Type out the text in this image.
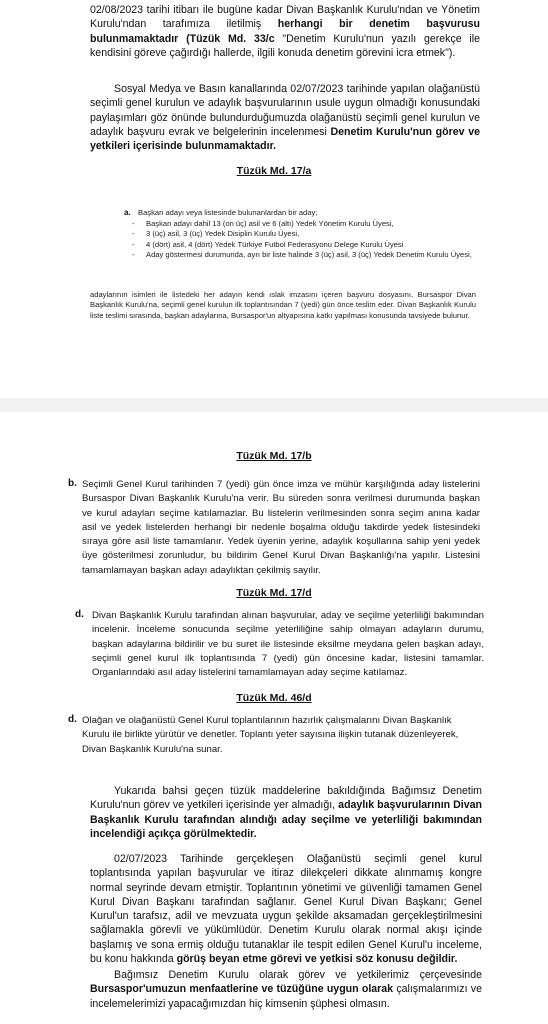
02/08/2023 tarihi itibarı ile bugüne kadar Divan Başkanlık Kurulu'ndan ve Yönetim Kurulu'ndan tarafımıza iletilmiş herhangi bir denetim başvurusu bulunmamaktadır (Tüzük Md. 33/c "Denetim Kurulu'nun yazılı gerekçe ile kendisini göreve çağırdığı hallerde, ilgili konuda denetim görevini icra etmek").

Sosyal Medya ve Basın kanallarında 02/07/2023 tarihinde yapılan olağanüstü seçimli genel kurulun ve adaylık başvurularının usule uygun olmadığı konusundaki paylaşımları göz önünde bulundurduğumuzda olağanüstü seçimli genel kurulun ve adaylık başvuru evrak ve belgelerinin incelenmesi Denetim Kurulu'nun görev ve yetkileri içerisinde bulunmamaktadır.

Tüzük Md. 17/a
a. Başkan adayı veya listesinde bulunanlardan bir aday;
- Başkan adayı dahil 13 (on üç) asil ve 6 (altı) Yedek Yönetim Kurulu Üyesi,
- 3 (üç) asil, 3 (üç) Yedek Disiplin Kurulu Üyesi,
- 4 (dört) asil, 4 (dört) Yedek Türkiye Futbol Federasyonu Delege Kurulu Üyesi
- Aday göstermesi durumunda, ayrı bir liste halinde 3 (üç) asil, 3 (üç) Yedek Denetim Kurulu Üyesi,
adaylarının isimleri ile listedeki her adayın kendi ıslak imzasını içeren başvuru dosyasını, Bursaspor Divan Başkanlık Kurulu'na, seçimli genel kurulun ilk toplantısından 7 (yedi) gün önce teslim eder. Divan Başkanlık Kurulu liste teslimi sırasında, başkan adaylarına, Bursaspor'un altyapısına katkı yapılması konusunda tavsiyede bulunur.
Tüzük Md. 17/b
b. Seçimli Genel Kurul tarihinden 7 (yedi) gün önce imza ve mühür karşılığında aday listelerini Bursaspor Divan Başkanlık Kurulu'na verir. Bu süreden sonra verilmesi durumunda başkan ve kurul adayları seçime katılamazlar. Bu listelerin verilmesinden sonra seçim anına kadar asil ve yedek listelerden herhangi bir nedenle boşalma olduğu takdirde yedek listesindeki sıraya göre asil liste tamamlanır. Yedek üyenin yerine, adaylık koşullarına sahip yeni yedek üye gösterilmesi zorunludur, bu bildirim Genel Kurul Divan Başkanlığı'na yapılır. Listesini tamamlamayan başkan adayı adaylıktan çekilmiş sayılır.

Tüzük Md. 17/d
d. Divan Başkanlık Kurulu tarafından alınan başvurular, aday ve seçilme yeterliliği bakımından incelenir. İnceleme sonucunda seçilme yeterliliğine sahip olmayan adayların durumu, başkan adaylarına bildirilir ve bu suret ile listesinde eksilme meydana gelen başkan adayı, seçimli genel kurul ilk toplantısında 7 (yedi) gün öncesine kadar, listesini tamamlar. Organlarındaki asıl aday listelerini tamamlamayan aday seçime katılamaz.

Tüzük Md. 46/d
d. Olağan ve olağanüstü Genel Kurul toplantılarının hazırlık çalışmalarını Divan Başkanlık Kurulu ile birlikte yürütür ve denetler. Toplantı yeter sayısına ilişkin tutanak düzenleyerek, Divan Başkanlık Kurulu'na sunar.

Yukarıda bahsi geçen tüzük maddelerine bakıldığında Bağımsız Denetim Kurulu'nun görev ve yetkileri içerisinde yer almadığı, adaylık başvurularının Divan Başkanlık Kurulu tarafından alındığı aday seçilme ve yeterliliği bakımından incelendiği açıkça görülmektedir.

02/07/2023 Tarihinde gerçekleşen Olağanüstü seçimli genel kurul toplantısında yapılan başvurular ve itiraz dilekçeleri dikkate alınmamış kongre normal seyrinde devam etmiştir. Toplantının yönetimi ve güvenliği tamamen Genel Kurul Divan Başkanı tarafından sağlanır. Genel Kurul Divan Başkanı; Genel Kurul'un tarafsız, adil ve mevzuata uygun şekilde aksamadan gerçekleştirilmesini sağlamakla görevli ve yükümlüdür. Denetim Kurulu olarak normal akışı içinde başlamış ve sona ermiş olduğu tutanaklar ile tespit edilen Genel Kurul'u inceleme, bu konu hakkında görüş beyan etme görevi ve yetkisi söz konusu değildir.

Bağımsız Denetim Kurulu olarak görev ve yetkilerimiz çerçevesinde Bursaspor'umuzun menfaatlerine ve tüzüğüne uygun olarak çalışmalarımızı ve incelemelerimizi yapacağımızdan hiç kimsenin şüphesi olmasın.
